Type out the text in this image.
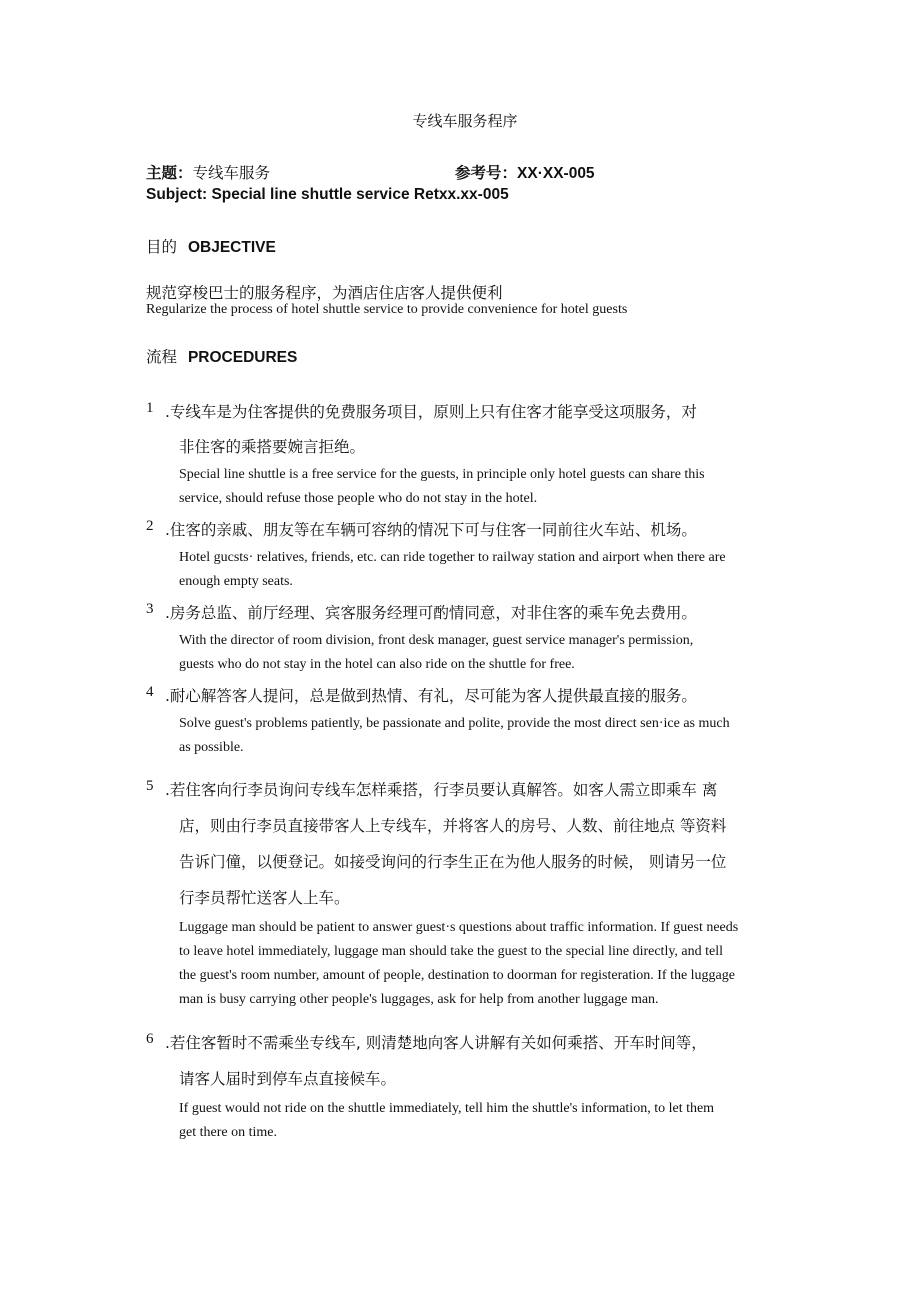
专线车服务程序
主题：专线车服务	参考号：XX·XX-005
Subject: Special line shuttle service Retxx.xx-005
目的 OBJECTIVE
规范穿梭巴士的服务程序，为酒店住店客人提供便利
Regularize the process of hotel shuttle service to provide convenience for hotel guests
流程 PROCEDURES
1 .专线车是为住客提供的免费服务项目，原则上只有住客才能享受这项服务，对
非住客的乘搭要婉言拒绝。
Special line shuttle is a free service for the guests, in principle only hotel guests can share this
service, should refuse those people who do not stay in the hotel.
2 .住客的亲戚、朋友等在车辆可容纳的情况下可与住客一同前往火车站、机场。
Hotel gucsts· relatives, friends, etc. can ride together to railway station and airport when there are
enough empty seats.
3 .房务总监、前厅经理、宾客服务经理可酌情同意，对非住客的乘车免去费用。
With the director of room division, front desk manager, guest service manager's permission,
guests who do not stay in the hotel can also ride on the shuttle for free.
4 .耐心解答客人提问，总是做到热情、有礼，尽可能为客人提供最直接的服务。
Solve guest's problems patiently, be passionate and polite, provide the most direct sen·ice as much
as possible.
5 .若住客向行李员询问专线车怎样乘搭，行李员要认真解答。如客人需立即乘车 离
店，则由行李员直接带客人上专线车，并将客人的房号、人数、前往地点 等资料
告诉门僮，以便登记。如接受询问的行李生正在为他人服务的时候， 则请另一位
行李员帮忙送客人上车。
Luggage man should be patient to answer guest·s questions about traffic information. If guest needs
to leave hotel immediately, luggage man should take the guest to the special line directly, and tell
the guest's room number, amount of people, destination to doorman for registeration. If the luggage
man is busy carrying other people's luggages, ask for help from another luggage man.
6 .若住客暂时不需乘坐专线车, 则清楚地向客人讲解有关如何乘搭、开车时间等，
请客人届时到停车点直接候车。
If guest would not ride on the shuttle immediately, tell him the shuttle's information, to let them
get there on time.
